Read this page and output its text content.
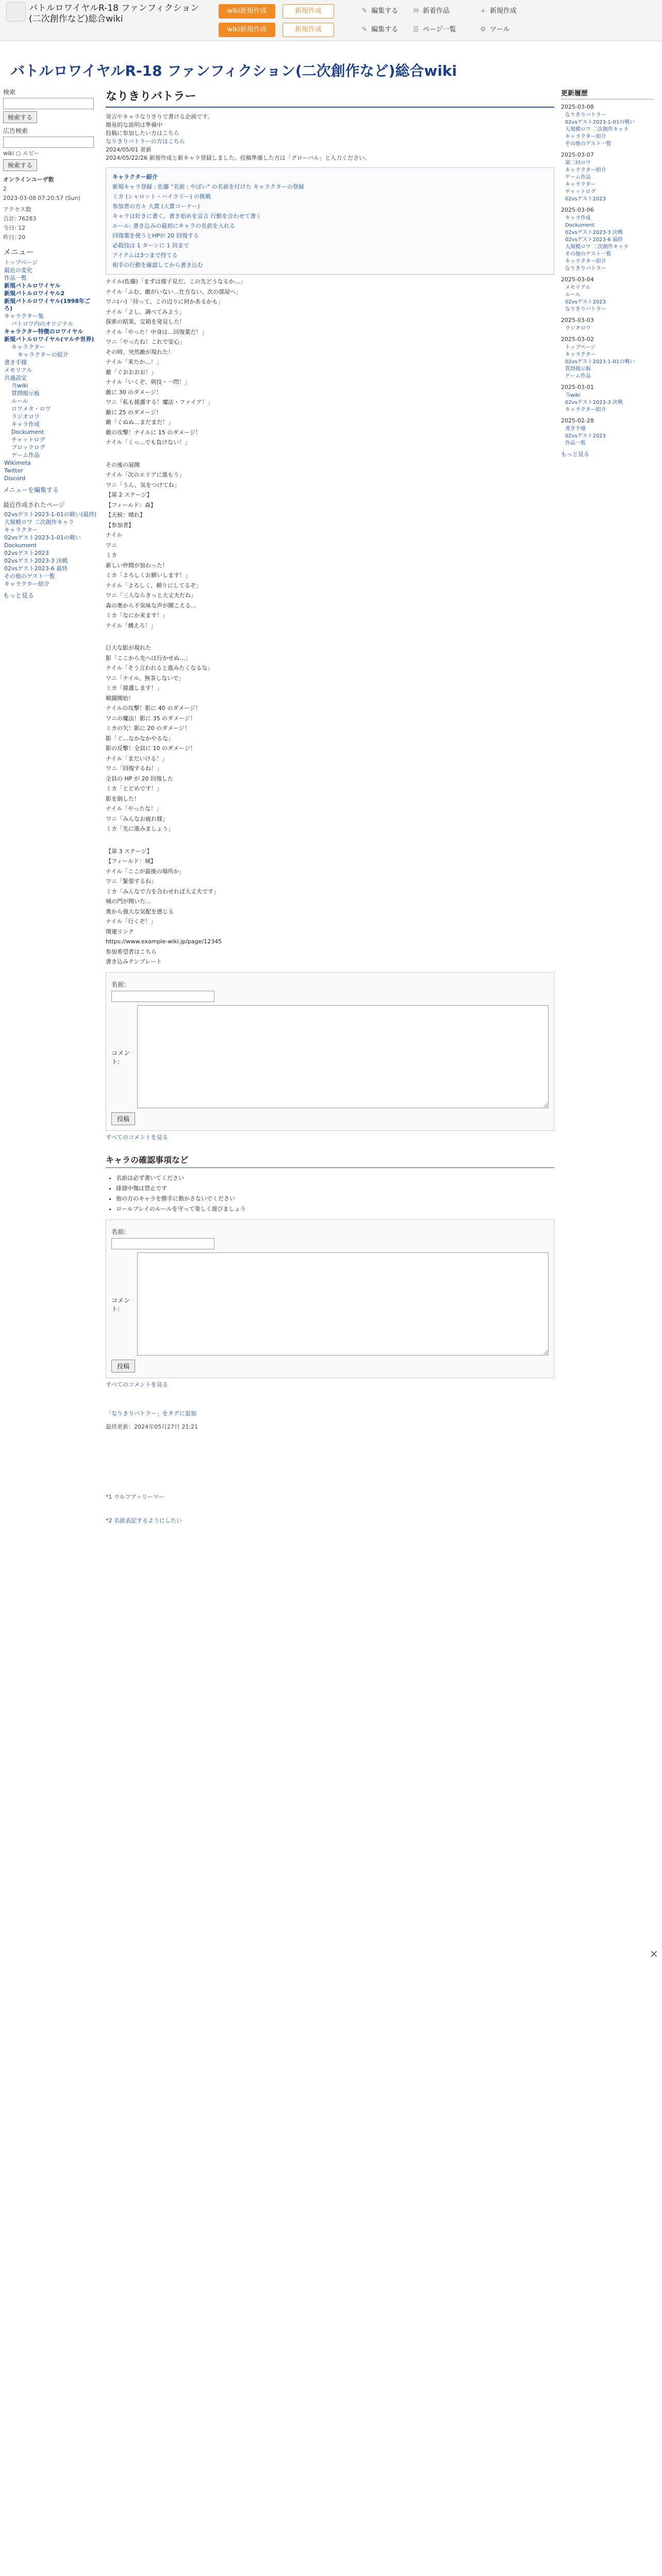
バトルロワイヤルR-18 ファンフィクション(二次創作など)総合wiki
wiki新規作成	新規作成
wiki新規作成	新規作成
✎ 編集する ✉ 新着作品	+ 新規作成
✎ 編集する ☰ ページ一覧	⚙ ツール
バトルロワイヤルR-18 ファンフィクション(二次創作など)総合wiki
検索
検索する
広告検索
wiki ○ ルビー
検索する
オンラインユーザ数
2
2023-03-08 07:20:57 (Sun)
アクセス数
合計: 76283
今日: 12
昨日: 20
メニュー
トップページ
最近の変化
作品一覧
新規バトルロワイヤル
新規バトルロワイヤル2
新規バトルロワイヤル(1998年ごろ)
キャラクター集
バトロワ内のオリジナル
キャラクター特徴のロワイヤル
新規バトルロワイヤル(マルチ世界)
キャラクター
キャラクターの紹介
書き手様
メモリアル
共通設定
当wiki
質問掲示板
ルール
ロワメタ・ロワ
ラジオロワ
キャラ作成
Dockument
チャットログ
ブロックログ
ゲーム作品
Wikimeta
Twitter
Discord
メニューを編集する
最近作成されたページ
02vsゲスト2023-1-01の戦い(最終)
大規模ロワ 二次創作キャラ
キャラクター
02vsゲスト2023-1-01の戦い
Dockument
02vsゲスト2023
02vsゲスト2023-3 決戦
02vsゲスト2023-6 最終
その他のゲスト一覧
キャラクター紹介
もっと見る
なりきりバトラー
発言やキャラなりきりで書ける企画です。
簡易的な説明は準備中
投稿に参加したい方はこちら
なりきりバトラーの方はこちら
2024/05/01 更新
2024/05/22/26 新規作成と新キャラ登録しました。投稿準備した方は「グローバル」と入力ください。
キャラクター紹介
新規キャラ登録 : 佐藤 "名前 : やばい" の名前を付けた キャラクターの登録
ミカ (シャロット・ハイラリー) の挑戦
参加者の方々 大賞 (大賞コーナー)
キャラは好きに書く。書き始めを宣言 行動を合わせて書く
ルール: 書き込みの最初にキャラの名前を入れる
回復薬を使うとHPが 20 回復する
必殺技は 1 ターンに 1 回まで
アイテムは3つまで持てる
相手の行動を確認してから書き込む
ナイル(佐藤)「まずは様子見だ。この先どうなるか…」
ナイル「ふむ、敵がいない…仕方ない、次の部屋へ」
ワニ(ハ)「待って、この辺りに何かあるかも」
ナイル「よし、調べてみよう」
探索の結果、宝箱を発見した！
ナイル「やった！中身は…回復薬だ！」
ワニ「やったね！これで安心」
その時、突然敵が現れた！
ナイル「来たか…！」
敵「ぐおおおお！」
ナイル「いくぞ、剣技・一閃！」
敵に 30 のダメージ！
ワニ「私も援護する！魔法・ファイア！」
敵に 25 のダメージ！
敵「ぐぬぬ…まだまだ！」
敵の攻撃！ナイルに 15 のダメージ！
ナイル「くっ…でも負けない！」
その後の展開
ナイル「次のエリアに進もう」
ワニ「うん、気をつけてね」
【第 2 ステージ】
【フィールド：森】
【天候：晴れ】
【参加者】
ナイル
ワニ
ミカ
新しい仲間が加わった！
ミカ「よろしくお願いします！」
ナイル「よろしく、頼りにしてるぞ」
ワニ「三人ならきっと大丈夫だね」
森の奥から不気味な声が聞こえる…
ミカ「なにか来ます！」
ナイル「構えろ！」
巨大な影が現れた
影「ここから先へは行かせぬ…」
ナイル「そう言われると進みたくなるな」
ワニ「ナイル、無茶しないで」
ミカ「援護します！」
戦闘開始！
ナイルの攻撃！影に 40 のダメージ！
ワニの魔法！影に 35 のダメージ！
ミカの矢！影に 20 のダメージ！
影「ぐ…なかなかやるな」
影の反撃！全員に 10 のダメージ！
ナイル「まだいける！」
ワニ「回復するね！」
全員の HP が 20 回復した
ミカ「とどめです！」
影を倒した！
ナイル「やったな！」
ワニ「みんなお疲れ様」
ミカ「先に進みましょう」
【第 3 ステージ】
【フィールド：城】
ナイル「ここが最後の場所か」
ワニ「緊張するね」
ミカ「みんなで力を合わせれば大丈夫です」
城の門が開いた…
奥から強大な気配を感じる
ナイル「行くぞ！」
関連リンク
https://www.example-wiki.jp/page/12345
参加希望者はこちら
書き込みテンプレート
名前:
コメント:
投稿
すべてのコメントを見る
キャラの確認事項など
• 名前は必ず書いてください
• 誹謗中傷は禁止です
• 他の方のキャラを勝手に動かさないでください
• ロールプレイのルールを守って楽しく遊びましょう
名前:
コメント:
投稿
すべてのコメントを見る
「なりきりバトラー」をタグに追加
最終更新：2024年05月27日 21:21
*1 ウルフアッリーマー
*2 名前表記するようにしたい
更新履歴
2025-03-08
なりきりバトラー
02vsゲスト2023-1-01の戦い
大規模ロワ 二次創作キャラ
キャラクター紹介
その他のゲスト一覧
2025-03-07
第二回ロワ
キャラクター紹介
ゲーム作品
キャラクター
チャットログ
02vsゲスト2023
2025-03-06
キャラ作成
Dockument
02vsゲスト2023-3 決戦
02vsゲスト2023-6 最終
大規模ロワ 二次創作キャラ
その他のゲスト一覧
キャラクター紹介
なりきりバトラー
2025-03-04
メモリアル
ルール
02vsゲスト2023
なりきりバトラー
2025-03-03
ラジオロワ
2025-03-02
トップページ
キャラクター
02vsゲスト2023-1-01の戦い
質問掲示板
ゲーム作品
2025-03-01
当wiki
02vsゲスト2023-3 決戦
キャラクター紹介
2025-02-28
書き手様
02vsゲスト2023
作品一覧
もっと見る
×
